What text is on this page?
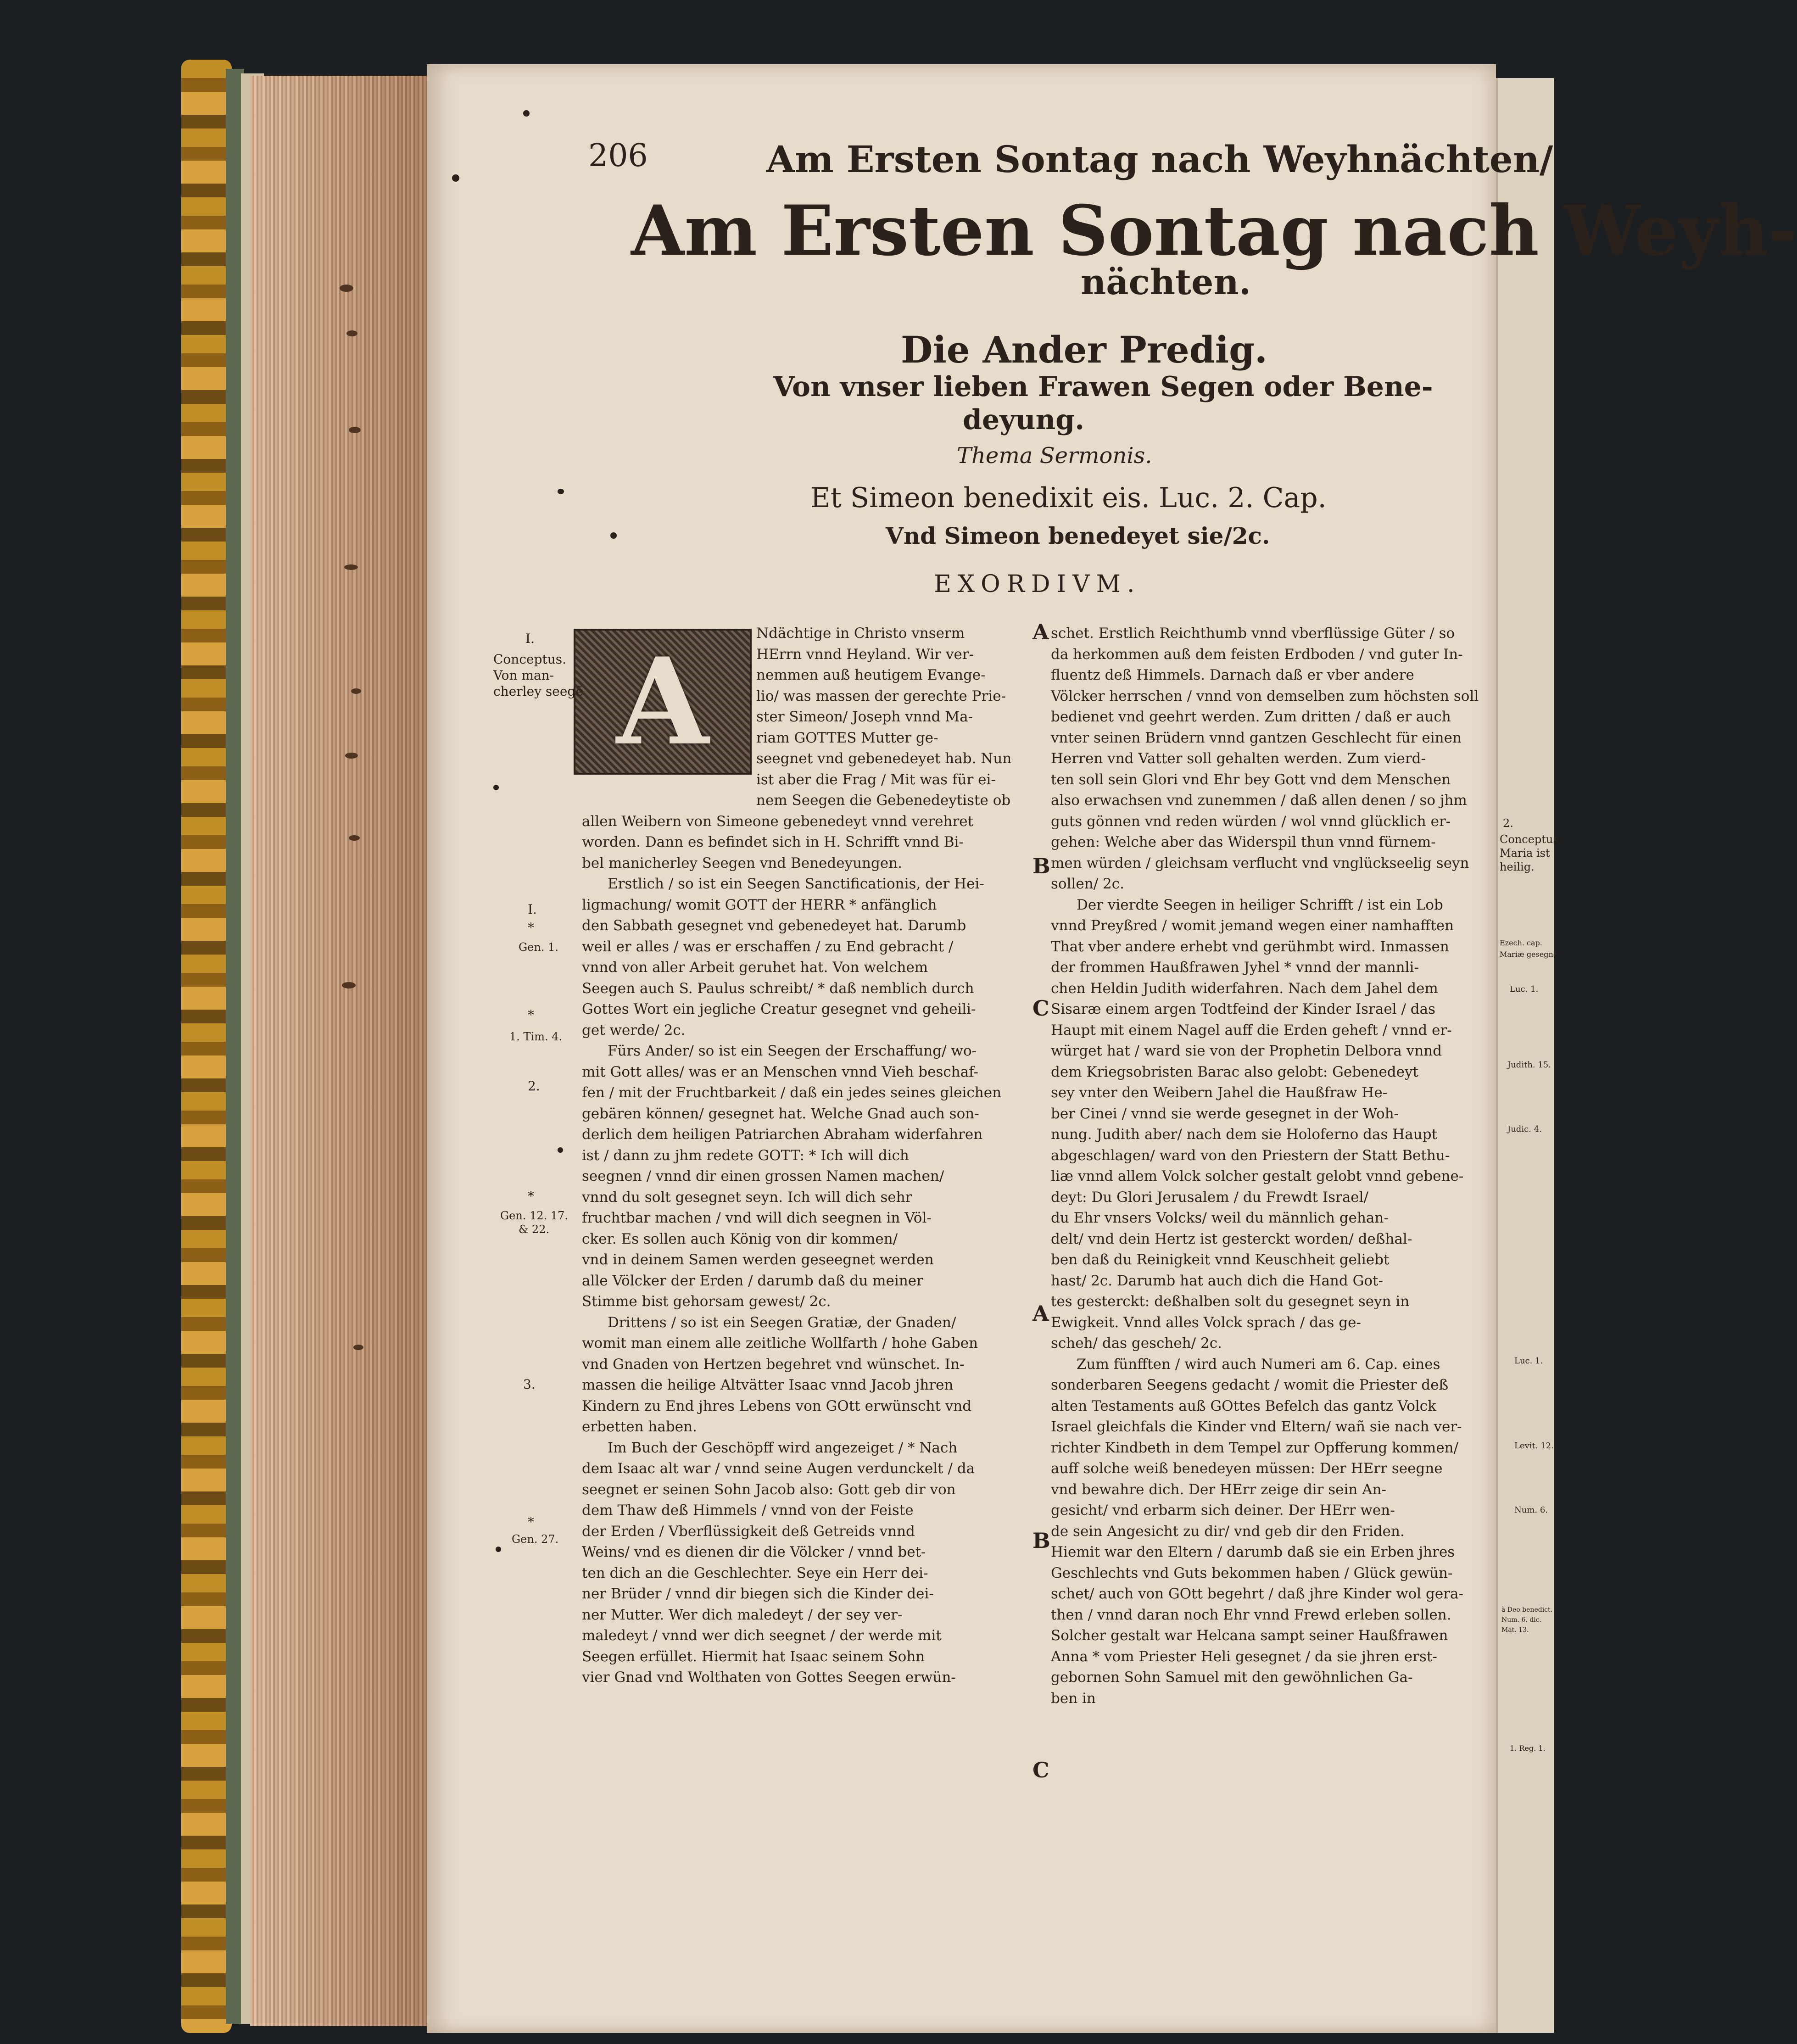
206	Am Ersten Sontag nach Weyhnächten/
Am Ersten Sontag nach Weyh-
nächten.
Die Ander Predig.
Von vnser lieben Frawen Segen oder Bene-
deyung.
Thema Sermonis.
Et Simeon benedixit eis. Luc. 2. Cap.
Vnd Simeon benedeyet sie/2c.
EXORDIVM.
A	Ndächtige in Christo vnserm
HErrn vnnd Heyland. Wir ver-
nemmen auß heutigem Evange-
lio/ was massen der gerechte Prie-
ster Simeon/ Joseph vnnd Ma-
riam GOTTES Mutter ge-
seegnet vnd gebenedeyet hab. Nun
ist aber die Frag / Mit was für ei-
nem Seegen die Gebenedeytiste ob
allen Weibern von Simeone gebenedeyt vnnd verehret
worden. Dann es befindet sich in H. Schrifft vnnd Bi-
bel manicherley Seegen vnd Benedeyungen.
Erstlich / so ist ein Seegen Sanctificationis, der Hei-
ligmachung/ womit GOTT der HERR * anfänglich
den Sabbath gesegnet vnd gebenedeyet hat. Darumb
weil er alles / was er erschaffen / zu End gebracht /
vnnd von aller Arbeit geruhet hat. Von welchem
Seegen auch S. Paulus schreibt/ * daß nemblich durch
Gottes Wort ein jegliche Creatur gesegnet vnd geheili-
get werde/ 2c.
Fürs Ander/ so ist ein Seegen der Erschaffung/ wo-
mit Gott alles/ was er an Menschen vnnd Vieh beschaf-
fen / mit der Fruchtbarkeit / daß ein jedes seines gleichen
gebären können/ gesegnet hat. Welche Gnad auch son-
derlich dem heiligen Patriarchen Abraham widerfahren
ist / dann zu jhm redete GOTT: * Ich will dich
seegnen / vnnd dir einen grossen Namen machen/
vnnd du solt gesegnet seyn. Ich will dich sehr
fruchtbar machen / vnd will dich seegnen in Völ-
cker. Es sollen auch König von dir kommen/
vnd in deinem Samen werden geseegnet werden
alle Völcker der Erden / darumb daß du meiner
Stimme bist gehorsam gewest/ 2c.
Drittens / so ist ein Seegen Gratiæ, der Gnaden/
womit man einem alle zeitliche Wollfarth / hohe Gaben
vnd Gnaden von Hertzen begehret vnd wünschet. In-
massen die heilige Altvätter Isaac vnnd Jacob jhren
Kindern zu End jhres Lebens von GOtt erwünscht vnd
erbetten haben.
Im Buch der Geschöpff wird angezeiget / * Nach
dem Isaac alt war / vnnd seine Augen verdunckelt / da
seegnet er seinen Sohn Jacob also: Gott geb dir von
dem Thaw deß Himmels / vnnd von der Feiste
der Erden / Vberflüssigkeit deß Getreids vnnd
Weins/ vnd es dienen dir die Völcker / vnnd bet-
ten dich an die Geschlechter. Seye ein Herr dei-
ner Brüder / vnnd dir biegen sich die Kinder dei-
ner Mutter. Wer dich maledeyt / der sey ver-
maledeyt / vnnd wer dich seegnet / der werde mit
Seegen erfüllet. Hiermit hat Isaac seinem Sohn
vier Gnad vnd Wolthaten von Gottes Seegen erwün-
schet. Erstlich Reichthumb vnnd vberflüssige Güter / so
da herkommen auß dem feisten Erdboden / vnd guter In-
fluentz deß Himmels. Darnach daß er vber andere
Völcker herrschen / vnnd von demselben zum höchsten soll
bedienet vnd geehrt werden. Zum dritten / daß er auch
vnter seinen Brüdern vnnd gantzen Geschlecht für einen
Herren vnd Vatter soll gehalten werden. Zum vierd-
ten soll sein Glori vnd Ehr bey Gott vnd dem Menschen
also erwachsen vnd zunemmen / daß allen denen / so jhm
guts gönnen vnd reden würden / wol vnnd glücklich er-
gehen: Welche aber das Widerspil thun vnnd fürnem-
men würden / gleichsam verflucht vnd vnglückseelig seyn
sollen/ 2c.
Der vierdte Seegen in heiliger Schrifft / ist ein Lob
vnnd Preyßred / womit jemand wegen einer namhafften
That vber andere erhebt vnd gerühmbt wird. Inmassen
der frommen Haußfrawen Jyhel * vnnd der mannli-
chen Heldin Judith widerfahren. Nach dem Jahel dem
Sisaræ einem argen Todtfeind der Kinder Israel / das
Haupt mit einem Nagel auff die Erden geheft / vnnd er-
würget hat / ward sie von der Prophetin Delbora vnnd
dem Kriegsobristen Barac also gelobt: Gebenedeyt
sey vnter den Weibern Jahel die Haußfraw He-
ber Cinei / vnnd sie werde gesegnet in der Woh-
nung. Judith aber/ nach dem sie Holoferno das Haupt
abgeschlagen/ ward von den Priestern der Statt Bethu-
liæ vnnd allem Volck solcher gestalt gelobt vnnd gebene-
deyt: Du Glori Jerusalem / du Frewdt Israel/
du Ehr vnsers Volcks/ weil du männlich gehan-
delt/ vnd dein Hertz ist gesterckt worden/ deßhal-
ben daß du Reinigkeit vnnd Keuschheit geliebt
hast/ 2c. Darumb hat auch dich die Hand Got-
tes gesterckt: deßhalben solt du gesegnet seyn in
Ewigkeit. Vnnd alles Volck sprach / das ge-
scheh/ das gescheh/ 2c.
Zum fünfften / wird auch Numeri am 6. Cap. eines
sonderbaren Seegens gedacht / womit die Priester deß
alten Testaments auß GOttes Befelch das gantz Volck
Israel gleichfals die Kinder vnd Eltern/ wañ sie nach ver-
richter Kindbeth in dem Tempel zur Opfferung kommen/
auff solche weiß benedeyen müssen: Der HErr seegne
vnd bewahre dich. Der HErr zeige dir sein An-
gesicht/ vnd erbarm sich deiner. Der HErr wen-
de sein Angesicht zu dir/ vnd geb dir den Friden.
Hiemit war den Eltern / darumb daß sie ein Erben jhres
Geschlechts vnd Guts bekommen haben / Glück gewün-
schet/ auch von GOtt begehrt / daß jhre Kinder wol gera-
then / vnnd daran noch Ehr vnnd Frewd erleben sollen.
Solcher gestalt war Helcana sampt seiner Haußfrawen
Anna * vom Priester Heli gesegnet / da sie jhren erst-
gebornen Sohn Samuel mit den gewöhnlichen Ga-
ben in
A
C
B
A
B
C
I.
Conceptus.
Von man-
cherley seegẽ
I.
*
Gen. 1.
*
1. Tim. 4.
2.
*
Gen. 12. 17.
& 22.
3.
*
Gen. 27.
2.
Conceptus.
Maria ist
heilig.
Ezech. cap.
Mariæ gesegnet
Luc. 1.
Judith. 15.
Judic. 4.
Luc. 1.
Levit. 12.
Num. 6.
à Deo benedict.
Num. 6. dic.
Mat. 13.
1. Reg. 1.
